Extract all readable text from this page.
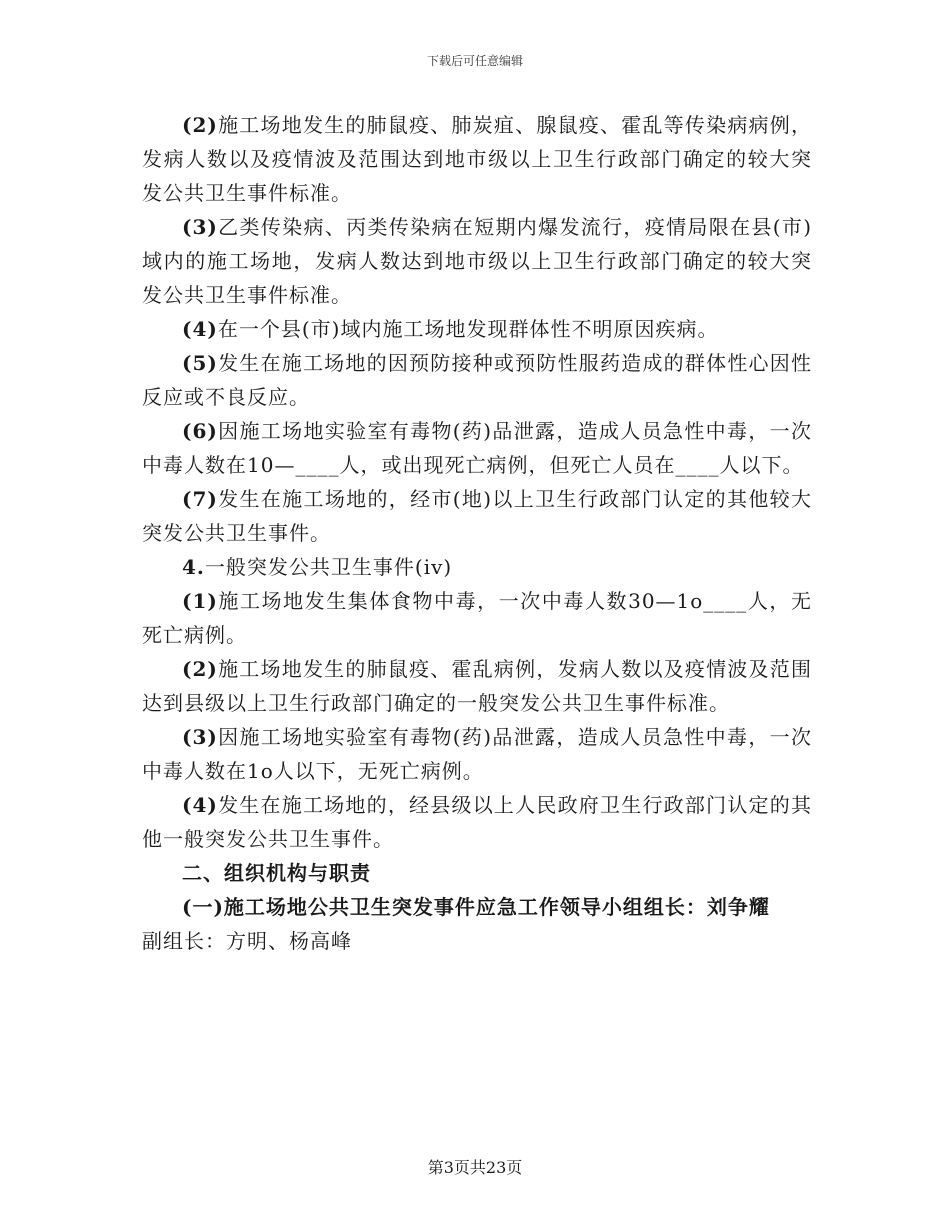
下载后可任意编辑

(2)施工场地发生的肺鼠疫、肺炭疽、腺鼠疫、霍乱等传染病病例，发病人数以及疫情波及范围达到地市级以上卫生行政部门确定的较大突发公共卫生事件标准。

(3)乙类传染病、丙类传染病在短期内爆发流行，疫情局限在县(市)域内的施工场地，发病人数达到地市级以上卫生行政部门确定的较大突发公共卫生事件标准。

(4)在一个县(市)域内施工场地发现群体性不明原因疾病。

(5)发生在施工场地的因预防接种或预防性服药造成的群体性心因性反应或不良反应。

(6)因施工场地实验室有毒物(药)品泄露，造成人员急性中毒，一次中毒人数在10—____人，或出现死亡病例，但死亡人员在____人以下。

(7)发生在施工场地的，经市(地)以上卫生行政部门认定的其他较大突发公共卫生事件。

4.一般突发公共卫生事件(iv)

(1)施工场地发生集体食物中毒，一次中毒人数30—1o____人，无死亡病例。

(2)施工场地发生的肺鼠疫、霍乱病例，发病人数以及疫情波及范围达到县级以上卫生行政部门确定的一般突发公共卫生事件标准。

(3)因施工场地实验室有毒物(药)品泄露，造成人员急性中毒，一次中毒人数在1o人以下，无死亡病例。

(4)发生在施工场地的，经县级以上人民政府卫生行政部门认定的其他一般突发公共卫生事件。

二、组织机构与职责

(一)施工场地公共卫生突发事件应急工作领导小组组长：刘争耀

副组长：方明、杨高峰

第3页共23页
